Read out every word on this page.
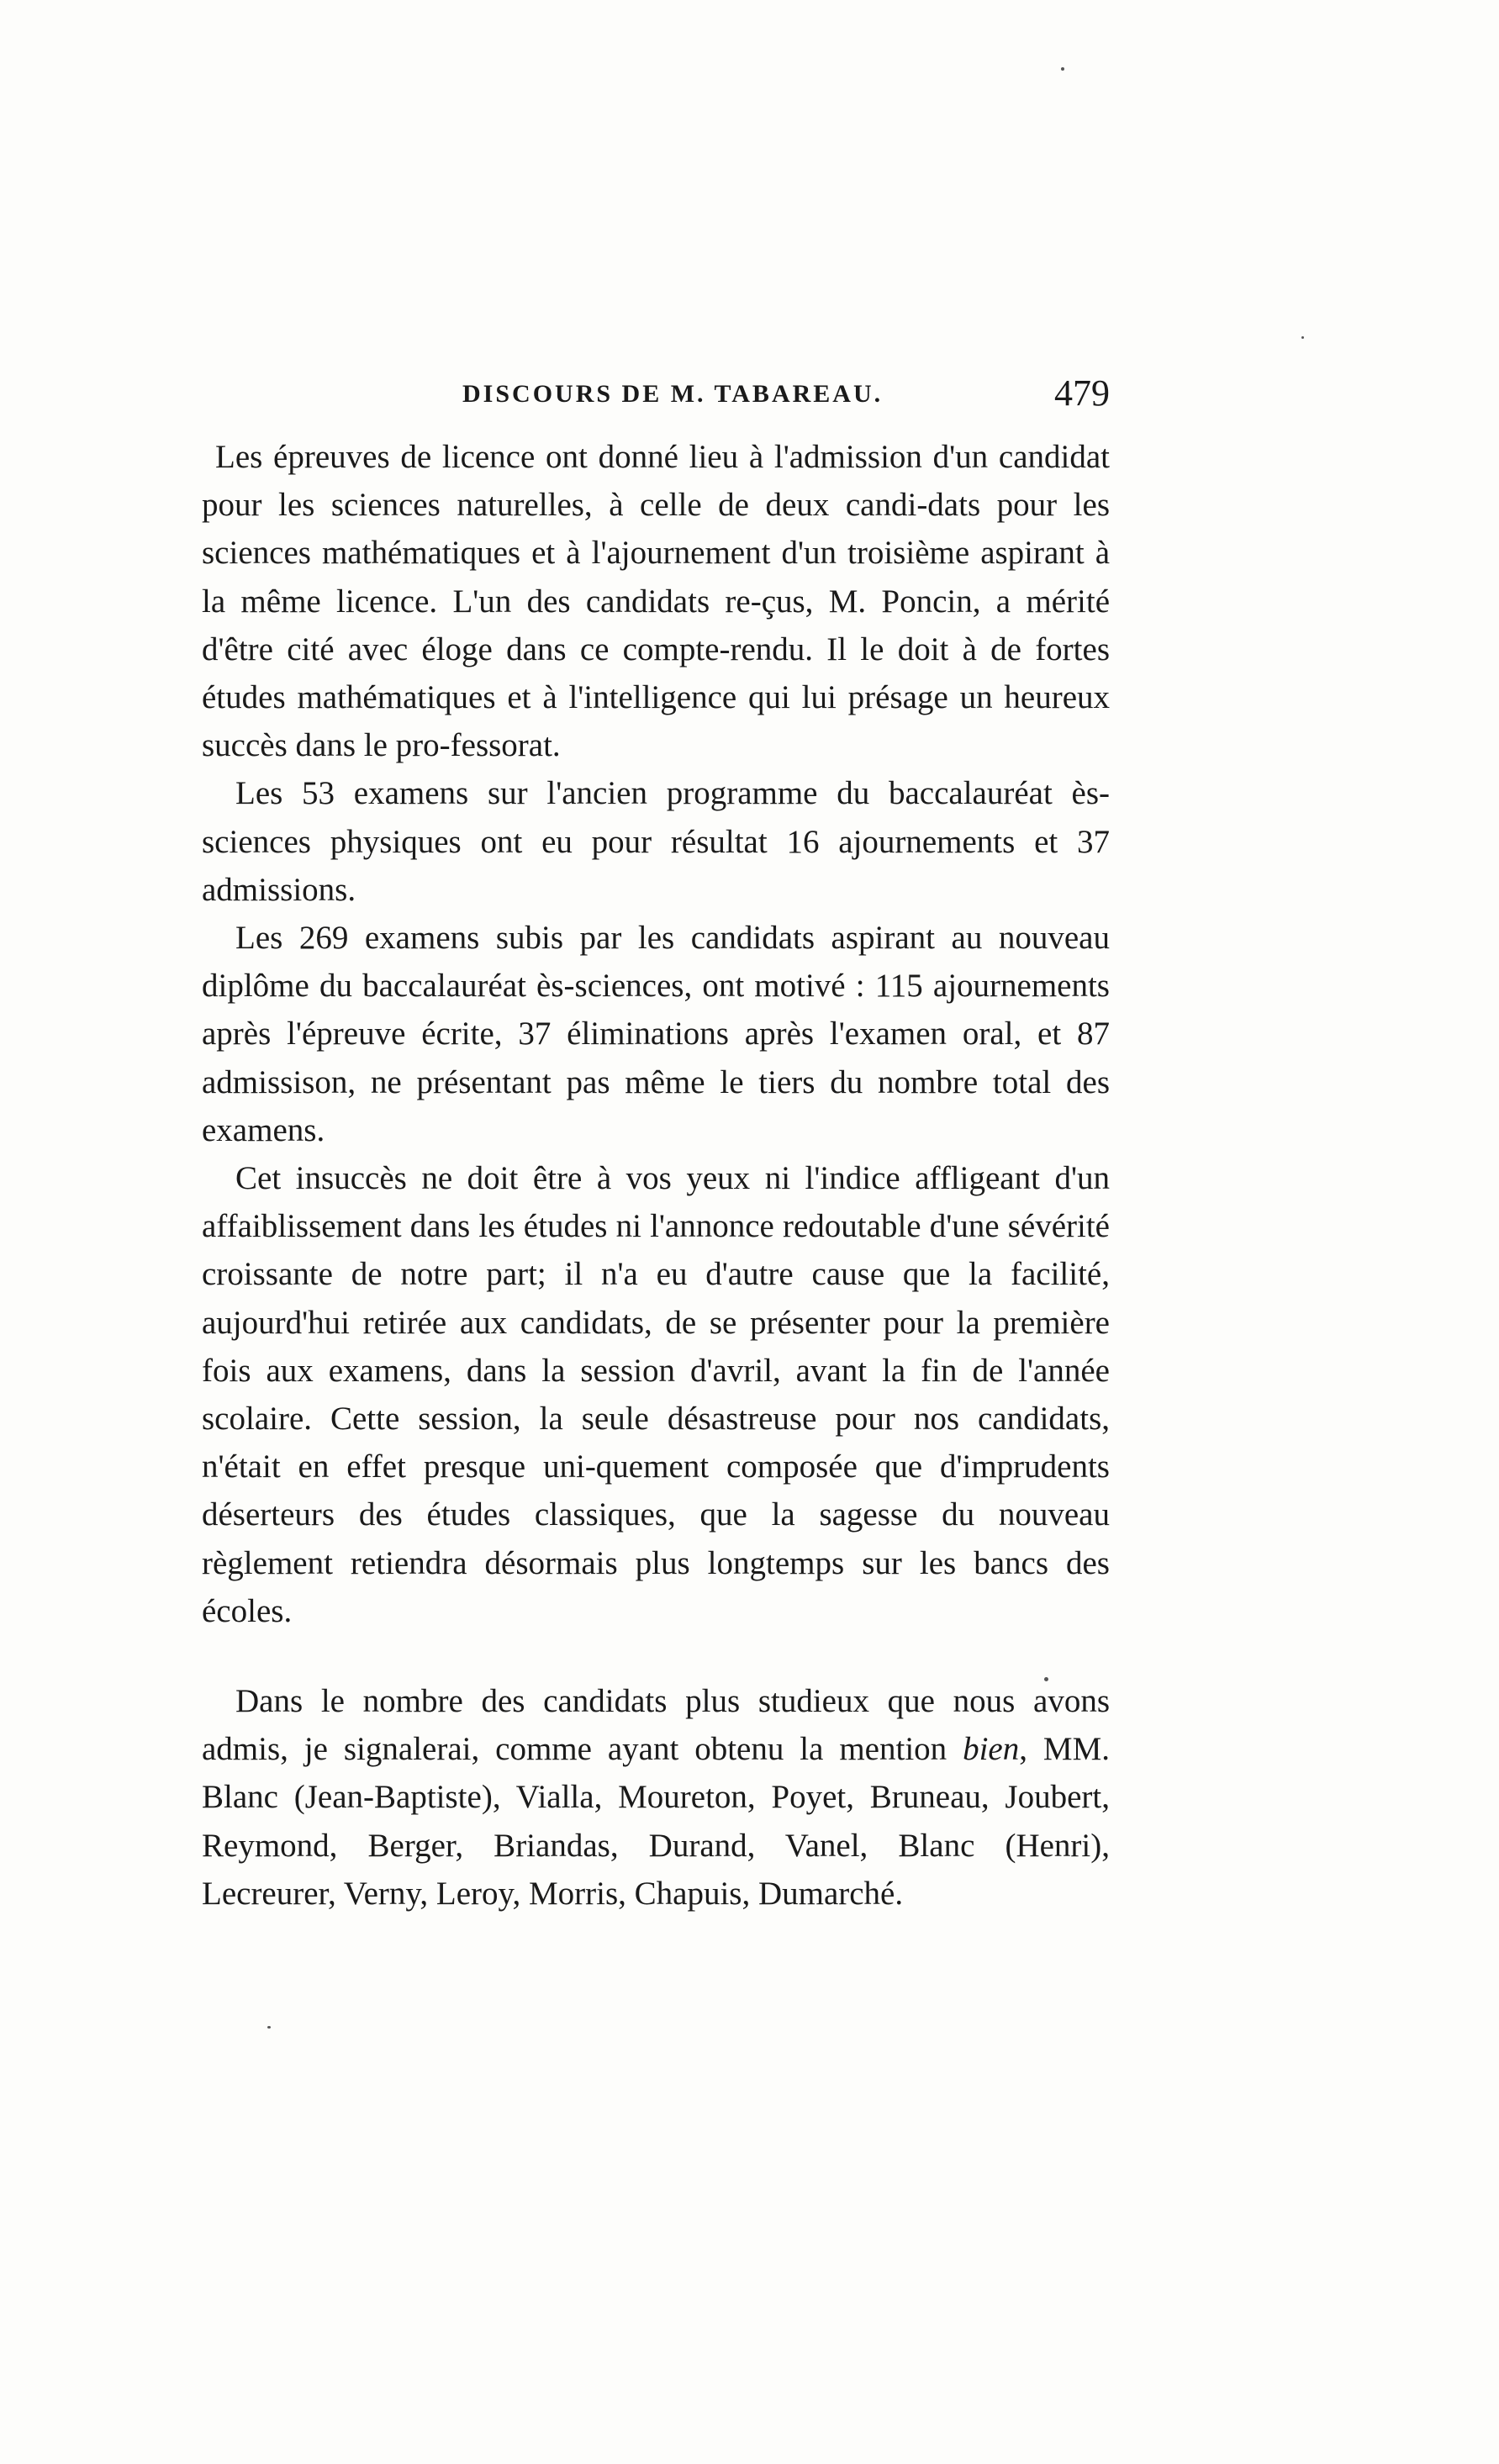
DISCOURS DE M. TABAREAU.	479

Les épreuves de licence ont donné lieu à l'admission d'un candidat pour les sciences naturelles, à celle de deux candi-dats pour les sciences mathématiques et à l'ajournement d'un troisième aspirant à la même licence. L'un des candidats re-çus, M. Poncin, a mérité d'être cité avec éloge dans ce compte-rendu. Il le doit à de fortes études mathématiques et à l'intelligence qui lui présage un heureux succès dans le pro-fessorat.

Les 53 examens sur l'ancien programme du baccalauréat ès-sciences physiques ont eu pour résultat 16 ajournements et 37 admissions.

Les 269 examens subis par les candidats aspirant au nouveau diplôme du baccalauréat ès-sciences, ont motivé : 115 ajournements après l'épreuve écrite, 37 éliminations après l'examen oral, et 87 admissison, ne présentant pas même le tiers du nombre total des examens.

Cet insuccès ne doit être à vos yeux ni l'indice affligeant d'un affaiblissement dans les études ni l'annonce redoutable d'une sévérité croissante de notre part; il n'a eu d'autre cause que la facilité, aujourd'hui retirée aux candidats, de se présenter pour la première fois aux examens, dans la session d'avril, avant la fin de l'année scolaire. Cette session, la seule désastreuse pour nos candidats, n'était en effet presque uni-quement composée que d'imprudents déserteurs des études classiques, que la sagesse du nouveau règlement retiendra désormais plus longtemps sur les bancs des écoles.

Dans le nombre des candidats plus studieux que nous avons admis, je signalerai, comme ayant obtenu la mention bien, MM. Blanc (Jean-Baptiste), Vialla, Moureton, Poyet, Bruneau, Joubert, Reymond, Berger, Briandas, Durand, Vanel, Blanc (Henri), Lecreurer, Verny, Leroy, Morris, Chapuis, Dumarché.
